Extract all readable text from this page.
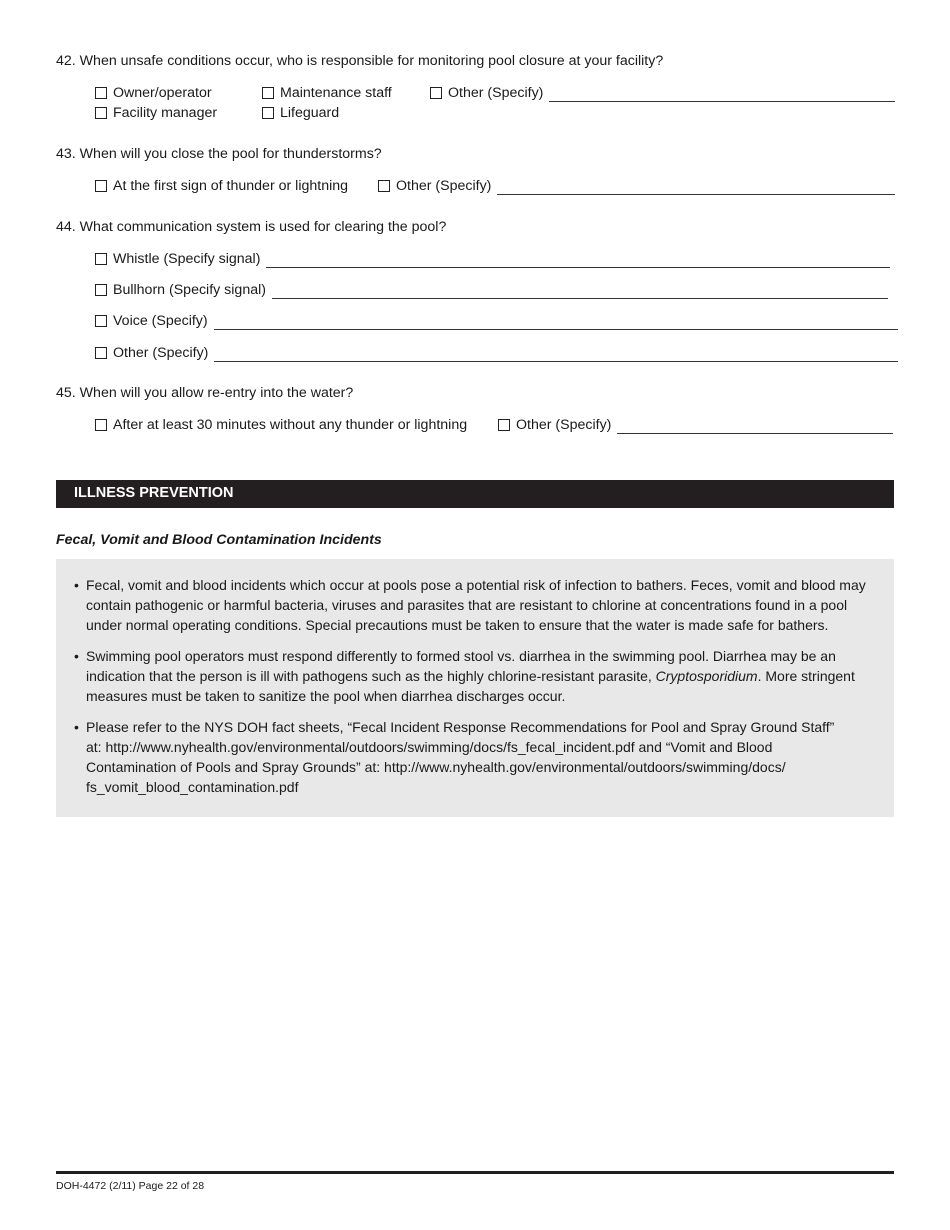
42. When unsafe conditions occur, who is responsible for monitoring pool closure at your facility?
Owner/operator	Maintenance staff	Other (Specify)
Facility manager	Lifeguard
43. When will you close the pool for thunderstorms?
At the first sign of thunder or lightning	Other (Specify)
44. What communication system is used for clearing the pool?
Whistle (Specify signal)
Bullhorn (Specify signal)
Voice (Specify)
Other (Specify)
45. When will you allow re-entry into the water?
After at least 30 minutes without any thunder or lightning	Other (Specify)
ILLNESS PREVENTION
Fecal, Vomit and Blood Contamination Incidents
• Fecal, vomit and blood incidents which occur at pools pose a potential risk of infection to bathers. Feces, vomit and blood may
contain pathogenic or harmful bacteria, viruses and parasites that are resistant to chlorine at concentrations found in a pool
under normal operating conditions. Special precautions must be taken to ensure that the water is made safe for bathers.
• Swimming pool operators must respond differently to formed stool vs. diarrhea in the swimming pool. Diarrhea may be an
indication that the person is ill with pathogens such as the highly chlorine-resistant parasite, Cryptosporidium. More stringent
measures must be taken to sanitize the pool when diarrhea discharges occur.
• Please refer to the NYS DOH fact sheets, “Fecal Incident Response Recommendations for Pool and Spray Ground Staff”
at: http://www.nyhealth.gov/environmental/outdoors/swimming/docs/fs_fecal_incident.pdf and “Vomit and Blood
Contamination of Pools and Spray Grounds” at: http://www.nyhealth.gov/environmental/outdoors/swimming/docs/
fs_vomit_blood_contamination.pdf
DOH-4472 (2/11) Page 22 of 28
